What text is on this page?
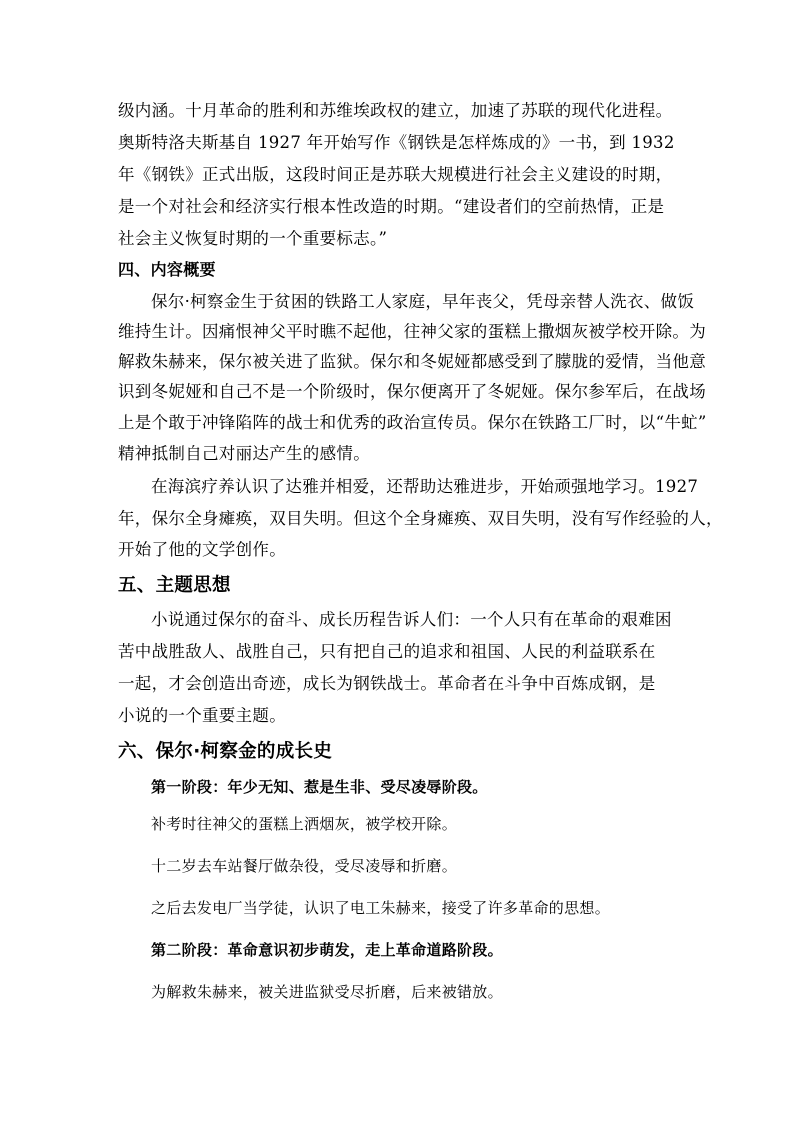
级内涵。十月革命的胜利和苏维埃政权的建立，加速了苏联的现代化进程。
奥斯特洛夫斯基自 1927 年开始写作《钢铁是怎样炼成的》一书，到 1932
年《钢铁》正式出版，这段时间正是苏联大规模进行社会主义建设的时期，
是一个对社会和经济实行根本性改造的时期。“建设者们的空前热情，正是
社会主义恢复时期的一个重要标志。”
四、内容概要
保尔·柯察金生于贫困的铁路工人家庭，早年丧父，凭母亲替人洗衣、做饭
维持生计。因痛恨神父平时瞧不起他，往神父家的蛋糕上撒烟灰被学校开除。为
解救朱赫来，保尔被关进了监狱。保尔和冬妮娅都感受到了朦胧的爱情，当他意
识到冬妮娅和自己不是一个阶级时，保尔便离开了冬妮娅。保尔参军后，在战场
上是个敢于冲锋陷阵的战士和优秀的政治宣传员。保尔在铁路工厂时，以“牛虻”
精神抵制自己对丽达产生的感情。
在海滨疗养认识了达雅并相爱，还帮助达雅进步，开始顽强地学习。1927
年，保尔全身瘫痪，双目失明。但这个全身瘫痪、双目失明，没有写作经验的人，
开始了他的文学创作。
五、主题思想
小说通过保尔的奋斗、成长历程告诉人们：一个人只有在革命的艰难困
苦中战胜敌人、战胜自己，只有把自己的追求和祖国、人民的利益联系在
一起，才会创造出奇迹，成长为钢铁战士。革命者在斗争中百炼成钢，是
小说的一个重要主题。
六、保尔·柯察金的成长史
第一阶段：年少无知、惹是生非、受尽凌辱阶段。
补考时往神父的蛋糕上洒烟灰，被学校开除。
十二岁去车站餐厅做杂役，受尽凌辱和折磨。
之后去发电厂当学徒，认识了电工朱赫来，接受了许多革命的思想。
第二阶段：革命意识初步萌发，走上革命道路阶段。
为解救朱赫来，被关进监狱受尽折磨，后来被错放。
